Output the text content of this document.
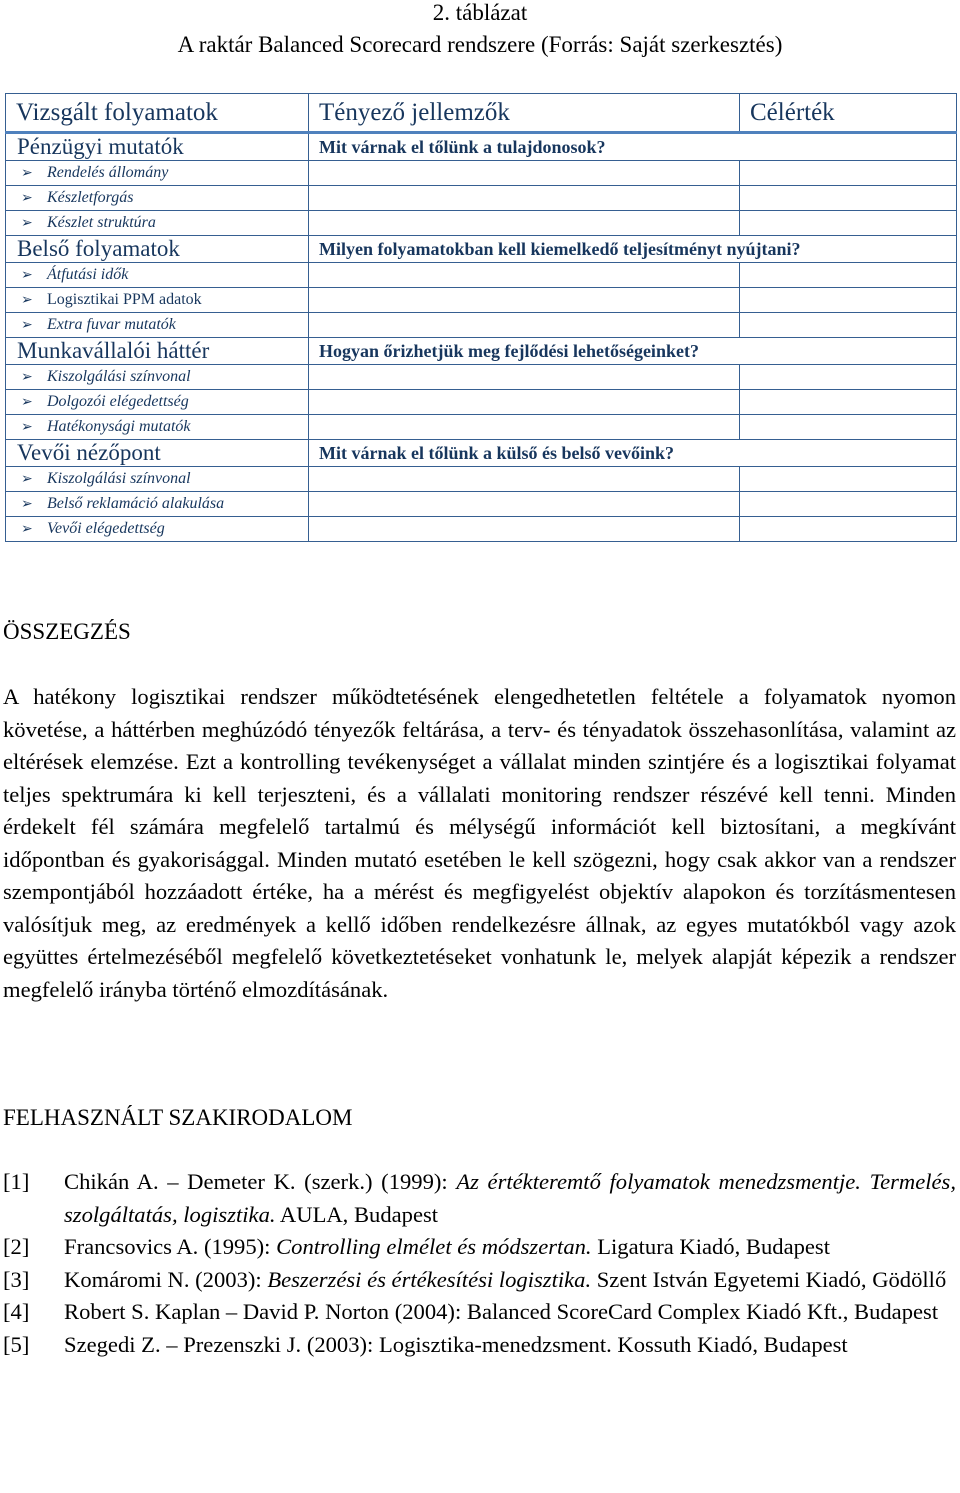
2. táblázat
A raktár Balanced Scorecard rendszere (Forrás: Saját szerkesztés)
Vizsgált folyamatok	Tényező jellemzők	Célérték
Pénzügyi mutatók	Mit várnak el tőlünk a tulajdonosok?	
➢ Rendelés állomány		
➢ Készletforgás		
➢ Készlet struktúra		
Belső folyamatok	Milyen folyamatokban kell kiemelkedő teljesítményt nyújtani?	
➢ Átfutási idők		
➢ Logisztikai PPM adatok		
➢ Extra fuvar mutatók		
Munkavállalói háttér	Hogyan őrizhetjük meg fejlődési lehetőségeinket?	
➢ Kiszolgálási színvonal		
➢ Dolgozói elégedettség		
➢ Hatékonysági mutatók		
Vevői nézőpont	Mit várnak el tőlünk a külső és belső vevőink?	
➢ Kiszolgálási színvonal		
➢ Belső reklamáció alakulása		
➢ Vevői elégedettség		
ÖSSZEGZÉS
A hatékony logisztikai rendszer működtetésének elengedhetetlen feltétele a folyamatok nyomon követése, a háttérben meghúzódó tényezők feltárása, a terv- és tényadatok összehasonlítása, valamint az eltérések elemzése. Ezt a kontrolling tevékenységet a vállalat minden szintjére és a logisztikai folyamat teljes spektrumára ki kell terjeszteni, és a vállalati monitoring rendszer részévé kell tenni. Minden érdekelt fél számára megfelelő tartalmú és mélységű információt kell biztosítani, a megkívánt időpontban és gyakorisággal. Minden mutató esetében le kell szögezni, hogy csak akkor van a rendszer szempontjából hozzáadott értéke, ha a mérést és megfigyelést objektív alapokon és torzításmentesen valósítjuk meg, az eredmények a kellő időben rendelkezésre állnak, az egyes mutatókból vagy azok együttes értelmezéséből megfelelő következtetéseket vonhatunk le, melyek alapját képezik a rendszer megfelelő irányba történő elmozdításának.
FELHASZNÁLT SZAKIRODALOM
[1]	Chikán A. – Demeter K. (szerk.) (1999): Az értékteremtő folyamatok menedzsmentje. Termelés, szolgáltatás, logisztika. AULA, Budapest
[2]	Francsovics A. (1995): Controlling elmélet és módszertan. Ligatura Kiadó, Budapest
[3]	Komáromi N. (2003): Beszerzési és értékesítési logisztika. Szent István Egyetemi Kiadó, Gödöllő
[4]	Robert S. Kaplan – David P. Norton (2004): Balanced ScoreCard Complex Kiadó Kft., Budapest
[5]	Szegedi Z. – Prezenszki J. (2003): Logisztika-menedzsment. Kossuth Kiadó, Budapest
